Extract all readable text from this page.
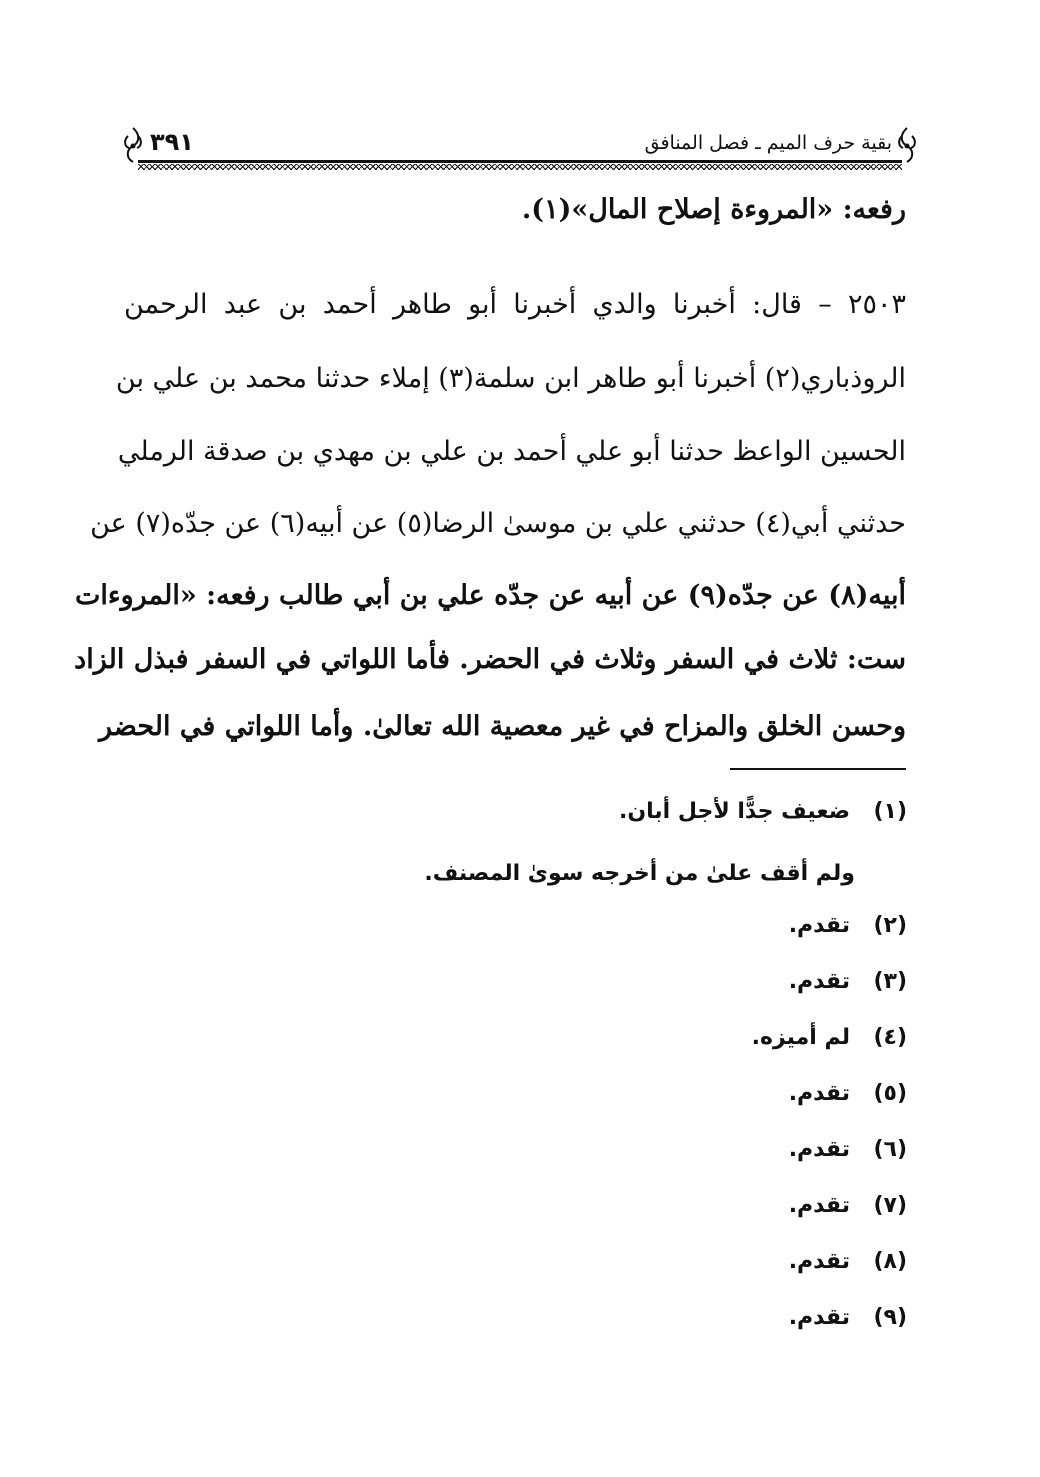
بقية حرف الميم ـ فصل المنافق
٣٩١
رفعه: «المروءة إصلاح المال»(١).
٢٥٠٣ – قال: أخبرنا والدي أخبرنا أبو طاهر أحمد بن عبد الرحمن
الروذباري(٢) أخبرنا أبو طاهر ابن سلمة(٣) إملاء حدثنا محمد بن علي بن
الحسين الواعظ حدثنا أبو علي أحمد بن علي بن مهدي بن صدقة الرملي
حدثني أبي(٤) حدثني علي بن موسىٰ الرضا(٥) عن أبيه(٦) عن جدّه(٧) عن
أبيه(٨) عن جدّه(٩) عن أبيه عن جدّه علي بن أبي طالب رفعه: «المروءات
ست: ثلاث في السفر وثلاث في الحضر. فأما اللواتي في السفر فبذل الزاد
وحسن الخلق والمزاح في غير معصية الله تعالىٰ. وأما اللواتي في الحضر
(١) ضعيف جدًّا لأجل أبان.
ولم أقف علىٰ من أخرجه سوىٰ المصنف.
(٢) تقدم.
(٣) تقدم.
(٤) لم أميزه.
(٥) تقدم.
(٦) تقدم.
(٧) تقدم.
(٨) تقدم.
(٩) تقدم.
